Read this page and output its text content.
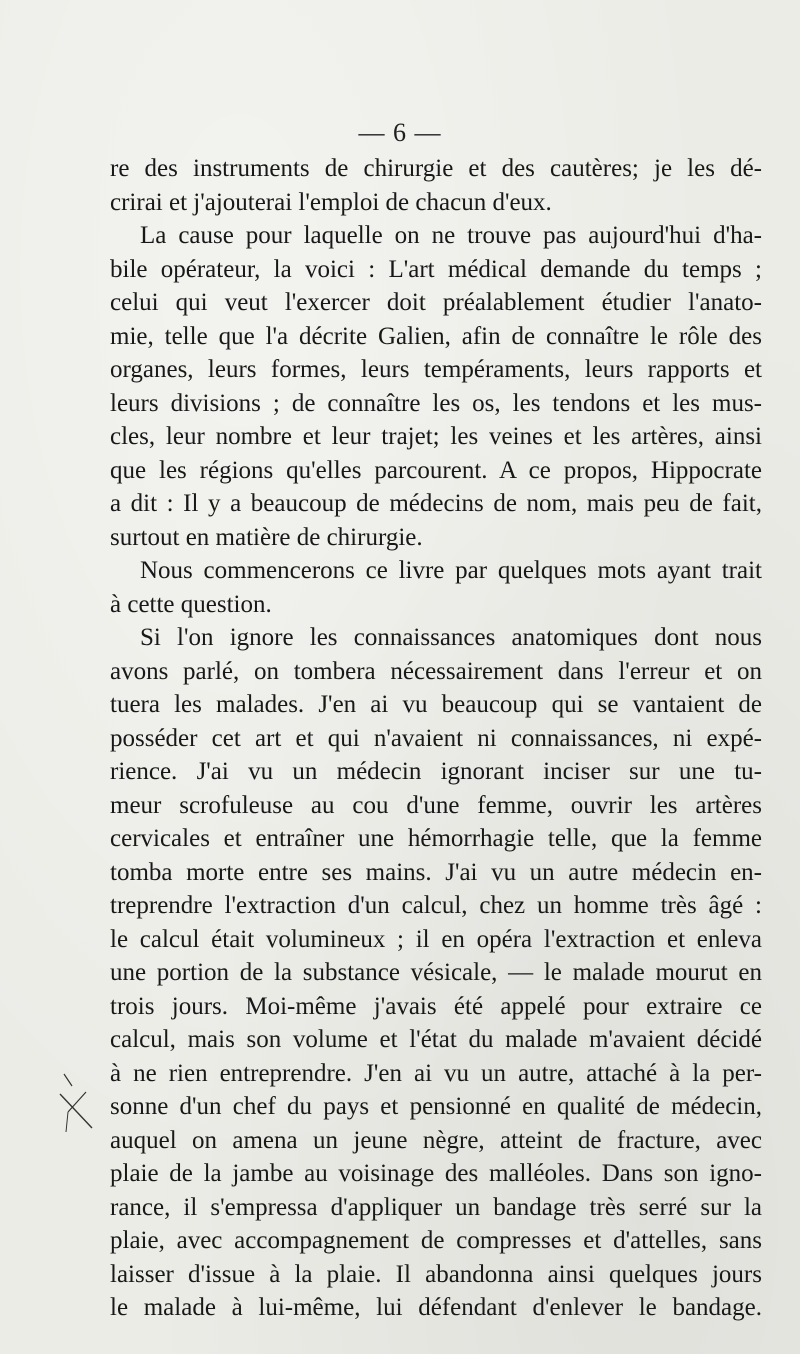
— 6 —
re des instruments de chirurgie et des cautères; je les dé-
crirai et j'ajouterai l'emploi de chacun d'eux.
La cause pour laquelle on ne trouve pas aujourd'hui d'ha-
bile opérateur, la voici : L'art médical demande du temps ;
celui qui veut l'exercer doit préalablement étudier l'anato-
mie, telle que l'a décrite Galien, afin de connaître le rôle des
organes, leurs formes, leurs tempéraments, leurs rapports et
leurs divisions ; de connaître les os, les tendons et les mus-
cles, leur nombre et leur trajet; les veines et les artères, ainsi
que les régions qu'elles parcourent. A ce propos, Hippocrate
a dit : Il y a beaucoup de médecins de nom, mais peu de fait,
surtout en matière de chirurgie.
Nous commencerons ce livre par quelques mots ayant trait
à cette question.
Si l'on ignore les connaissances anatomiques dont nous
avons parlé, on tombera nécessairement dans l'erreur et on
tuera les malades. J'en ai vu beaucoup qui se vantaient de
posséder cet art et qui n'avaient ni connaissances, ni expé-
rience. J'ai vu un médecin ignorant inciser sur une tu-
meur scrofuleuse au cou d'une femme, ouvrir les artères
cervicales et entraîner une hémorrhagie telle, que la femme
tomba morte entre ses mains. J'ai vu un autre médecin en-
treprendre l'extraction d'un calcul, chez un homme très âgé :
le calcul était volumineux ; il en opéra l'extraction et enleva
une portion de la substance vésicale, — le malade mourut en
trois jours. Moi-même j'avais été appelé pour extraire ce
calcul, mais son volume et l'état du malade m'avaient décidé
à ne rien entreprendre. J'en ai vu un autre, attaché à la per-
sonne d'un chef du pays et pensionné en qualité de médecin,
auquel on amena un jeune nègre, atteint de fracture, avec
plaie de la jambe au voisinage des malléoles. Dans son igno-
rance, il s'empressa d'appliquer un bandage très serré sur la
plaie, avec accompagnement de compresses et d'attelles, sans
laisser d'issue à la plaie. Il abandonna ainsi quelques jours
le malade à lui-même, lui défendant d'enlever le bandage.
